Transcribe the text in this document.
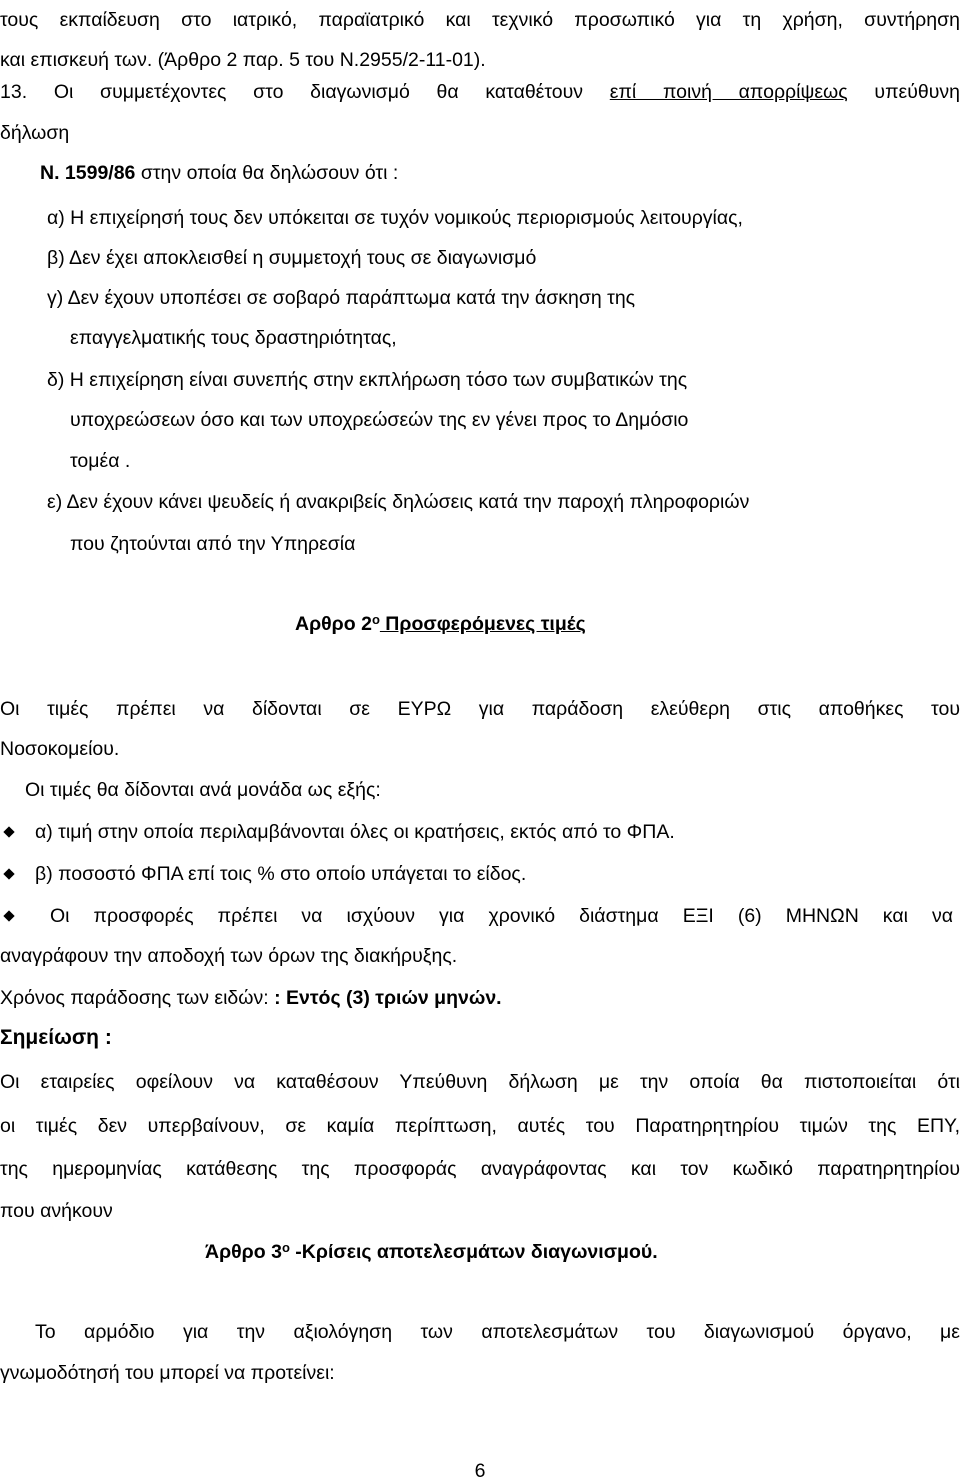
τους εκπαίδευση στο ιατρικό, παραϊατρικό και τεχνικό προσωπικό για τη χρήση, συντήρηση
και επισκευή των. (Άρθρο 2 παρ. 5 του Ν.2955/2-11-01).
13. Οι συμμετέχοντες στο διαγωνισμό θα καταθέτουν επί ποινή απορρίψεως υπεύθυνη
δήλωση
Ν. 1599/86 στην οποία θα δηλώσουν ότι :
α) Η επιχείρησή τους δεν υπόκειται σε τυχόν νομικούς περιορισμούς λειτουργίας,
β) Δεν έχει αποκλεισθεί η συμμετοχή τους σε διαγωνισμό
γ) Δεν έχουν υποπέσει σε σοβαρό παράπτωμα κατά την άσκηση της
επαγγελματικής τους δραστηριότητας,
δ) Η επιχείρηση είναι συνεπής στην εκπλήρωση τόσο των συμβατικών της
υποχρεώσεων όσο και των υποχρεώσεών της εν γένει προς το Δημόσιο
τομέα .
ε) Δεν έχουν κάνει ψευδείς ή ανακριβείς δηλώσεις κατά την παροχή πληροφοριών
που ζητούνται από την Υπηρεσία
Αρθρο $2^o$ Προσφερόμενες τιμές
Οι τιμές πρέπει να δίδονται σε ΕΥΡΩ για παράδοση ελεύθερη στις αποθήκες του
Νοσοκομείου.
Οι τιμές θα δίδονται ανά μονάδα ως εξής:
α) τιμή στην οποία περιλαμβάνονται όλες οι κρατήσεις, εκτός από το ΦΠΑ.
β) ποσοστό ΦΠΑ επί τοις % στο οποίο υπάγεται το είδος.
Οι προσφορές πρέπει να ισχύουν για χρονικό διάστημα ΕΞΙ (6) ΜΗΝΩΝ και να
αναγράφουν την αποδοχή των όρων της διακήρυξης.
Χρόνος παράδοσης των ειδών: : Εντός (3) τριών μηνών.
Σημείωση :
Οι εταιρείες οφείλουν να καταθέσουν Υπεύθυνη δήλωση με την οποία θα πιστοποιείται ότι
οι τιμές δεν υπερβαίνουν, σε καμία περίπτωση, αυτές του Παρατηρητηρίου τιμών της ΕΠΥ,
της ημερομηνίας κατάθεσης της προσφοράς αναγράφοντας και τον κωδικό παρατηρητηρίου
που ανήκουν
Άρθρο $3^o$ -Κρίσεις αποτελεσμάτων διαγωνισμού.
Το αρμόδιο για την αξιολόγηση των αποτελεσμάτων του διαγωνισμού όργανο, με
γνωμοδότησή του μπορεί να προτείνει:
6
